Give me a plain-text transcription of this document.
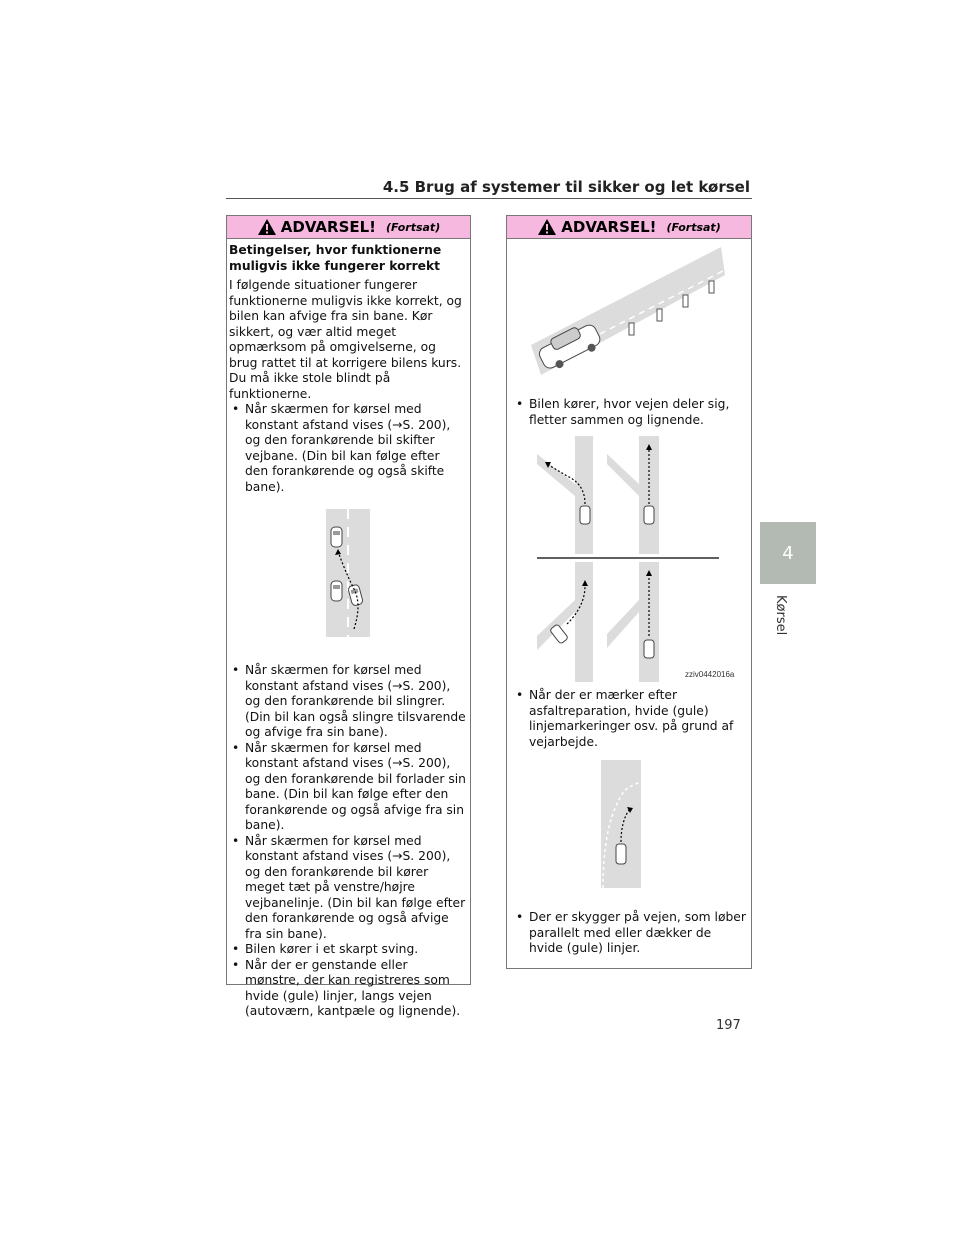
4.5 Brug af systemer til sikker og let kørsel
4
Kørsel
ADVARSEL! (Fortsat)

Betingelser, hvor funktionerne muligvis ikke fungerer korrekt

I følgende situationer fungerer funktionerne muligvis ikke korrekt, og bilen kan afvige fra sin bane. Kør sikkert, og vær altid meget opmærksom på omgivelserne, og brug rattet til at korrigere bilens kurs. Du må ikke stole blindt på funktionerne.

• Når skærmen for kørsel med konstant afstand vises (→S. 200), og den forankørende bil skifter vejbane. (Din bil kan følge efter den forankørende og også skifte bane).
• Når skærmen for kørsel med konstant afstand vises (→S. 200), og den forankørende bil slingrer. (Din bil kan også slingre tilsvarende og afvige fra sin bane).
• Når skærmen for kørsel med konstant afstand vises (→S. 200), og den forankørende bil forlader sin bane. (Din bil kan følge efter den forankørende og også afvige fra sin bane).
• Når skærmen for kørsel med konstant afstand vises (→S. 200), og den forankørende bil kører meget tæt på venstre/højre vejbanelinje. (Din bil kan følge efter den forankørende og også afvige fra sin bane).
• Bilen kører i et skarpt sving.
• Når der er genstande eller mønstre, der kan registreres som hvide (gule) linjer, langs vejen (autoværn, kantpæle og lignende).
ADVARSEL! (Fortsat)
• Bilen kører, hvor vejen deler sig, fletter sammen og lignende.
zziv0442016a
• Når der er mærker efter asfaltreparation, hvide (gule) linjemarkeringer osv. på grund af vejarbejde.
• Der er skygger på vejen, som løber parallelt med eller dækker de hvide (gule) linjer.
197
